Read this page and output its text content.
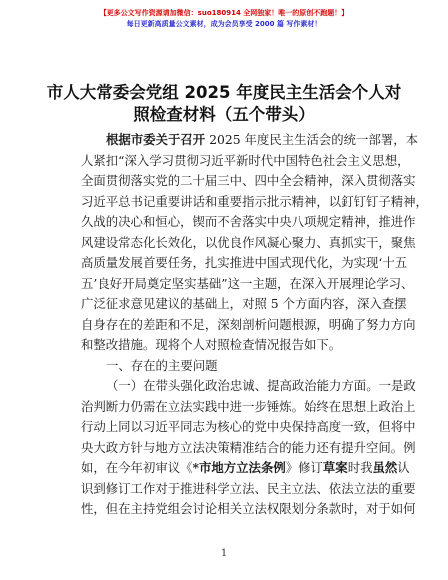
【更多公文写作资源请加微信：suo180914 全网独家！唯一的原创不跑题！】
每日更新高质量公文素材，成为会员享受 2000 篇 写作素材！
市人大常委会党组 2025 年度民主生活会个人对
照检查材料（五个带头）
根据市委关于召开 2025 年度民主生活会的统一部署，本
人紧扣“深入学习贯彻习近平新时代中国特色社会主义思想，
全面贯彻落实党的二十届三中、四中全会精神，深入贯彻落实
习近平总书记重要讲话和重要指示批示精神，以釘钉钉子精神，
久战的决心和恒心，锲而不舍落实中央八项规定精神，推进作
风建设常态化长效化，以优良作风凝心聚力、真抓实干，聚焦
高质量发展首要任务，扎实推进中国式现代化，为实现‘十五
五’良好开局奠定坚实基础”这一主题，在深入开展理论学习、
广泛征求意见建议的基础上，对照 5 个方面内容，深入查摆
自身存在的差距和不足，深刻剖析问题根源，明确了努力方向
和整改措施。现将个人对照检查情况报告如下。
一、存在的主要问题
（一）在带头强化政治忠诚、提高政治能力方面。一是政
治判断力仍需在立法实践中进一步锤炼。始终在思想上政治上
行动上同以习近平同志为核心的党中央保持高度一致，但将中
央大政方针与地方立法决策精准结合的能力还有提升空间。例
如，在今年初审议《*市地方立法条例》修订草案时我虽然认
识到修订工作对于推进科学立法、民主立法、依法立法的重要
性，但在主持党组会讨论相关立法权限划分条款时，对于如何
1
